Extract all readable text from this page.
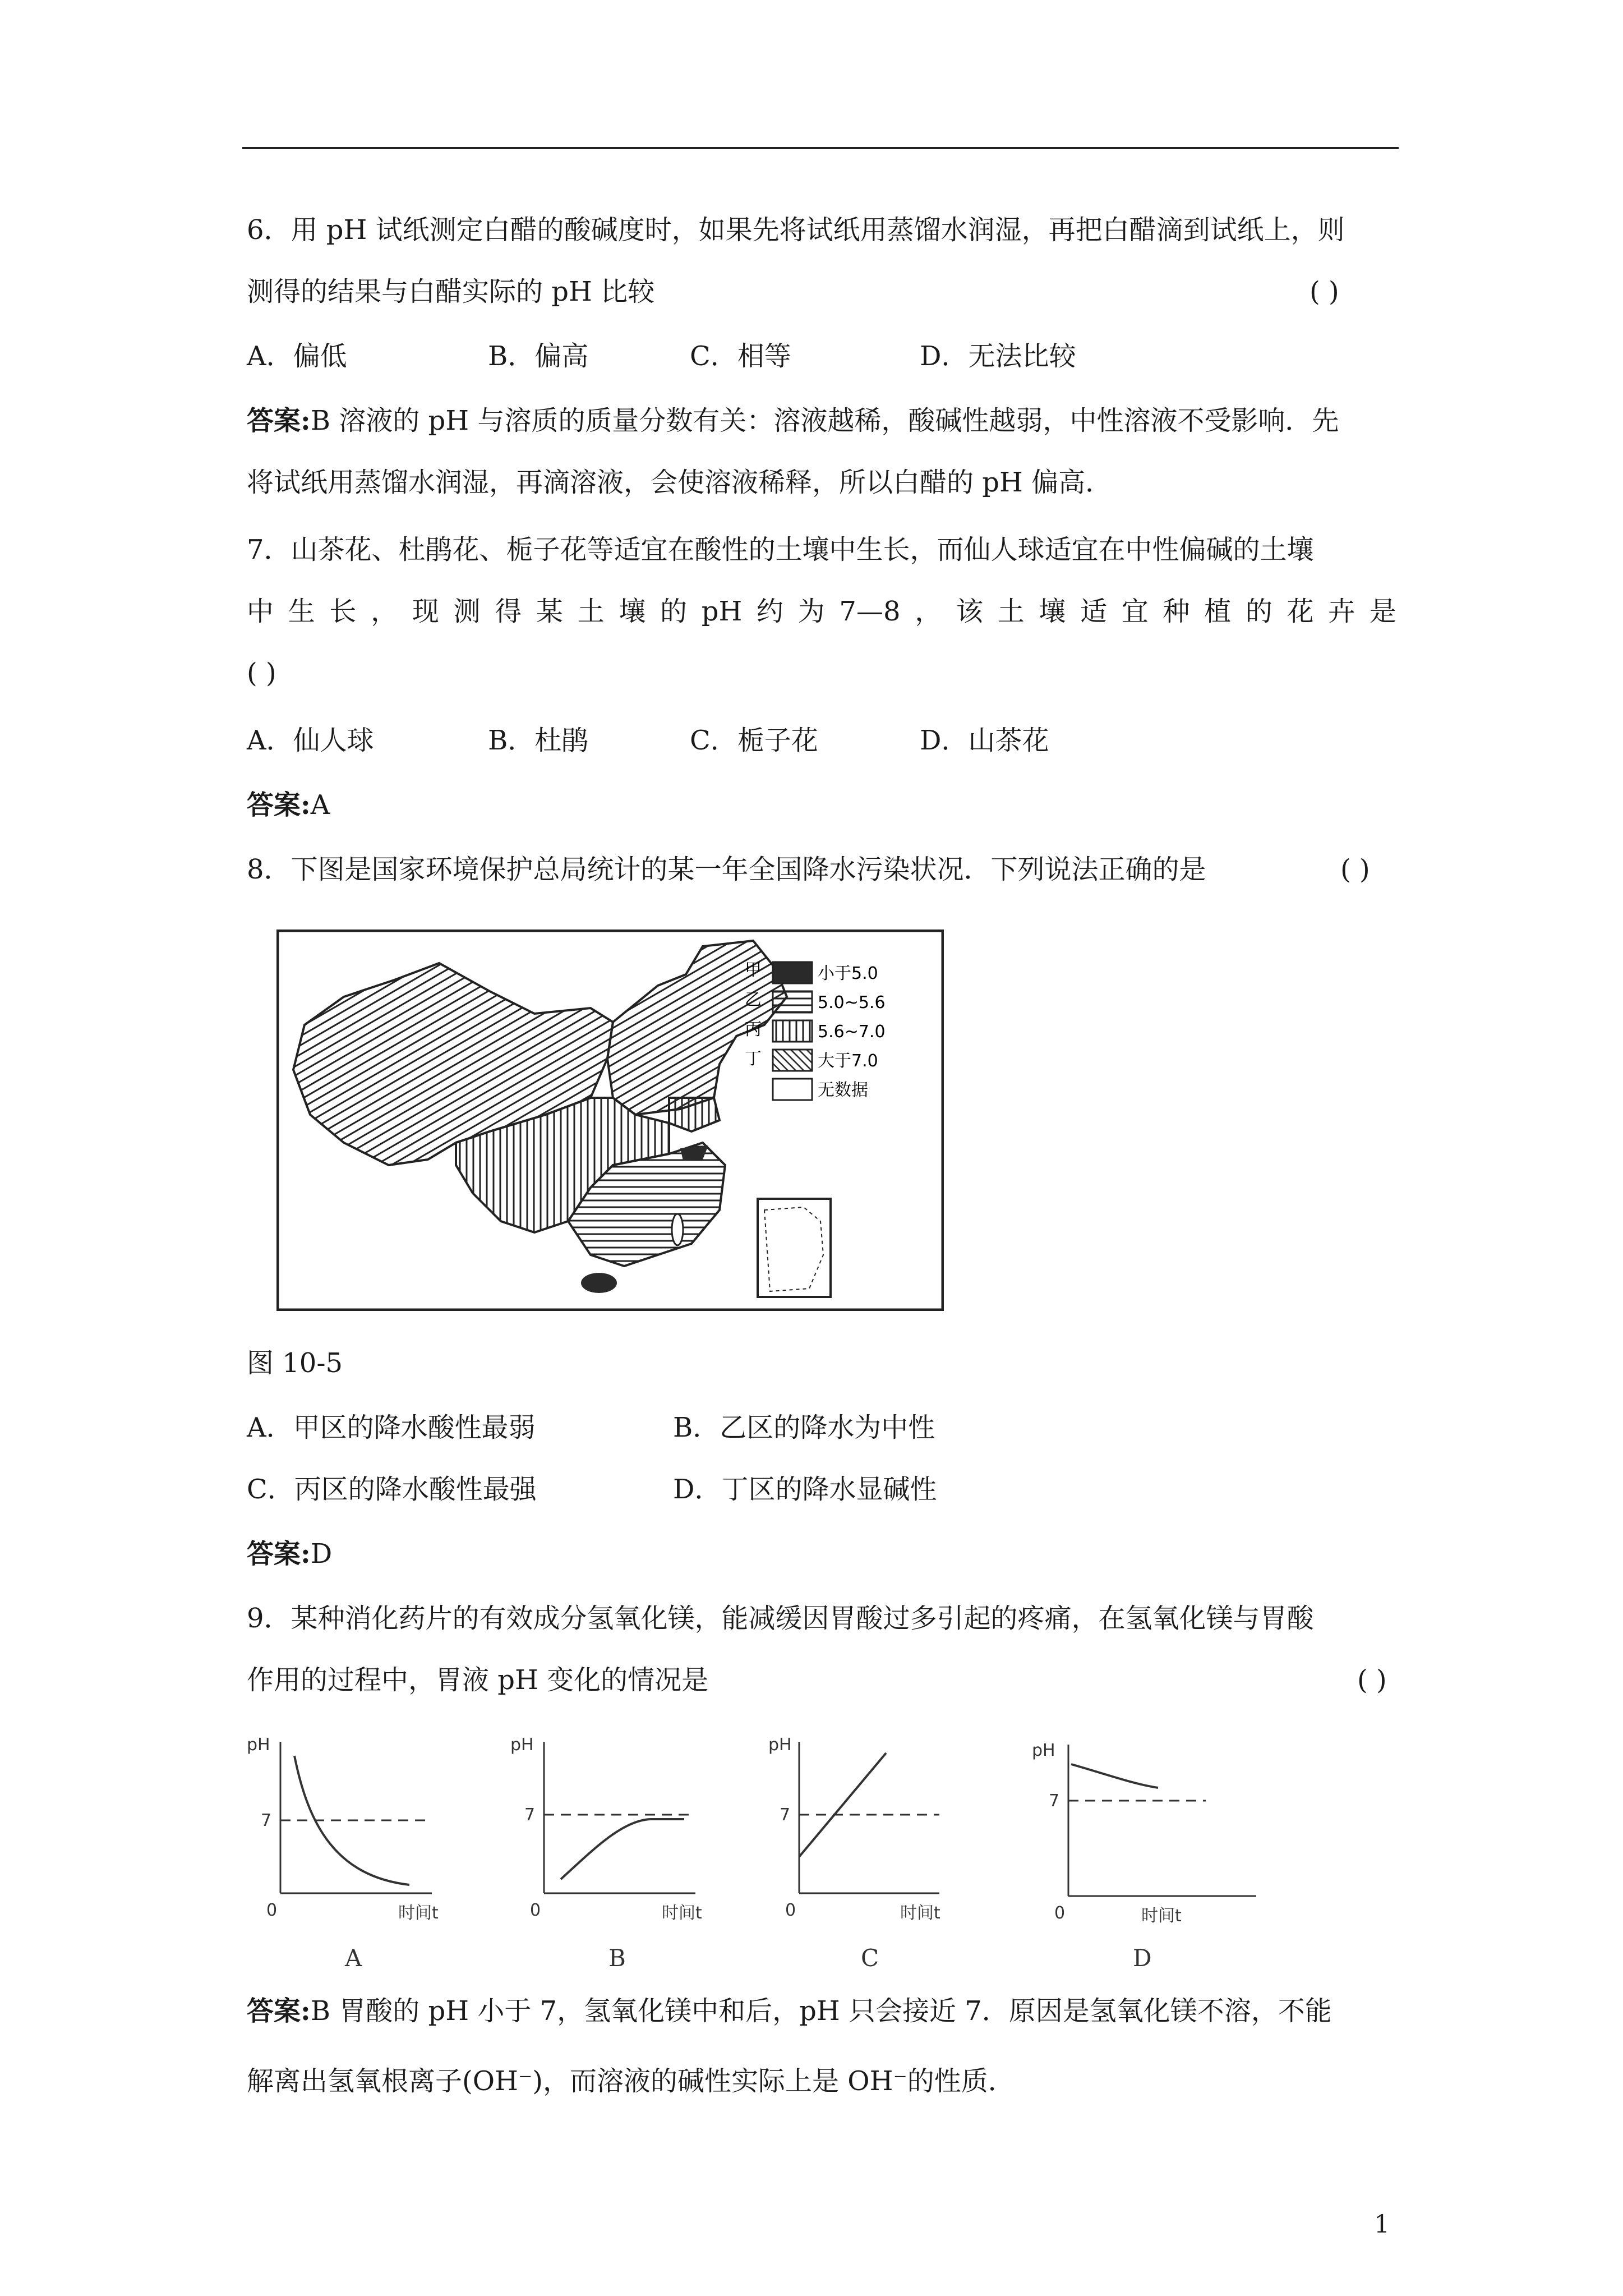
6．用 pH 试纸测定白醋的酸碱度时，如果先将试纸用蒸馏水润湿，再把白醋滴到试纸上，则
测得的结果与白醋实际的 pH 比较	( )
A．偏低	B．偏高	C．相等	D．无法比较
答案:B 溶液的 pH 与溶质的质量分数有关：溶液越稀，酸碱性越弱，中性溶液不受影响．先
将试纸用蒸馏水润湿，再滴溶液，会使溶液稀释，所以白醋的 pH 偏高．
7．山茶花、杜鹃花、栀子花等适宜在酸性的土壤中生长，而仙人球适宜在中性偏碱的土壤
中 生 长 ， 现 测 得 某 土 壤 的 pH 约 为 7—8 ， 该 土 壤 适 宜 种 植 的 花 卉 是
( )
A．仙人球	B．杜鹃	C．栀子花	D．山茶花
答案:A
8．下图是国家环境保护总局统计的某一年全国降水污染状况．下列说法正确的是	( )
甲	小于5.0
乙	5.0~5.6
丙	5.6~7.0
丁	大于7.0
无数据
图 10-5
A．甲区的降水酸性最弱	B．乙区的降水为中性
C．丙区的降水酸性最强	D．丁区的降水显碱性
答案:D
9．某种消化药片的有效成分氢氧化镁，能减缓因胃酸过多引起的疼痛，在氢氧化镁与胃酸
作用的过程中，胃液 pH 变化的情况是	( )
pH
7
0	时间t
A
pH
7
0	时间t
B
pH
7
0	时间t
C
pH
7
0	时间t
D
答案:B 胃酸的 pH 小于 7，氢氧化镁中和后，pH 只会接近 7．原因是氢氧化镁不溶，不能
解离出氢氧根离子(OH⁻)，而溶液的碱性实际上是 OH⁻的性质．
1
